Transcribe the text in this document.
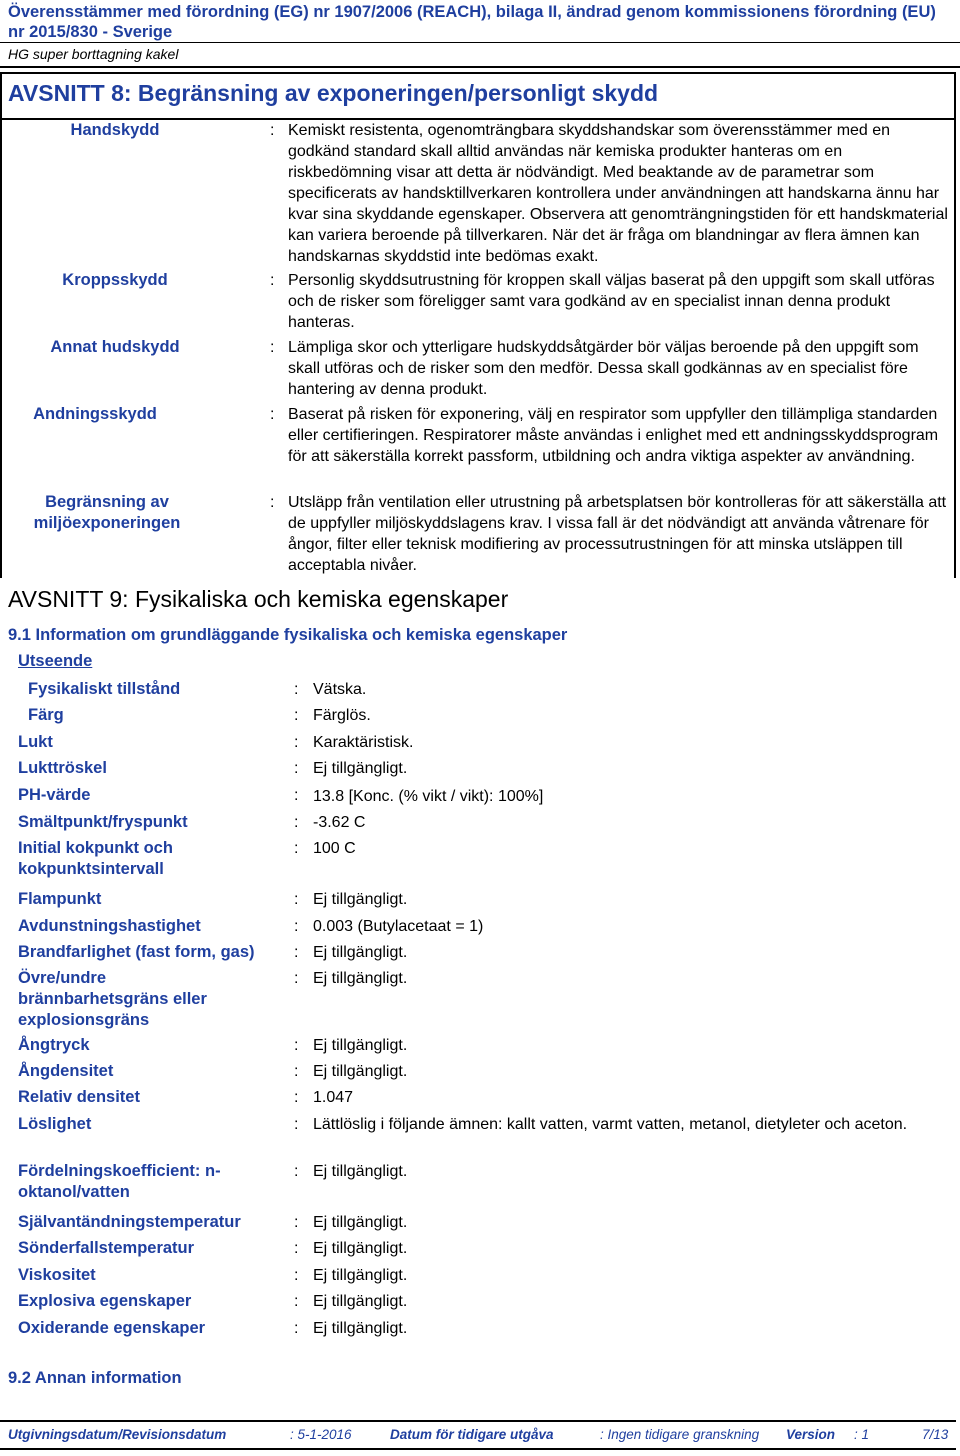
Överensstämmer med förordning (EG) nr 1907/2006 (REACH), bilaga II, ändrad genom kommissionens förordning (EU) nr 2015/830 - Sverige
HG super borttagning kakel
AVSNITT 8: Begränsning av exponeringen/personligt skydd
Handskydd	: Kemiskt resistenta, ogenomträngbara skyddshandskar som överensstämmer med en godkänd standard skall alltid användas när kemiska produkter hanteras om en riskbedömning visar att detta är nödvändigt. Med beaktande av de parametrar som specificerats av handsktillverkaren kontrollera under användningen att handskarna ännu har kvar sina skyddande egenskaper. Observera att genomträngningstiden för ett handskmaterial kan variera beroende på tillverkaren. När det är fråga om blandningar av flera ämnen kan handskarnas skyddstid inte bedömas exakt.
Kroppsskydd	: Personlig skyddsutrustning för kroppen skall väljas baserat på den uppgift som skall utföras och de risker som föreligger samt vara godkänd av en specialist innan denna produkt hanteras.
Annat hudskydd	: Lämpliga skor och ytterligare hudskyddsåtgärder bör väljas beroende på den uppgift som skall utföras och de risker som den medför. Dessa skall godkännas av en specialist före hantering av denna produkt.
Andningsskydd	: Baserat på risken för exponering, välj en respirator som uppfyller den tillämpliga standarden eller certifieringen. Respiratorer måste användas i enlighet med ett andningsskyddsprogram för att säkerställa korrekt passform, utbildning och andra viktiga aspekter av användning.
Begränsning av miljöexponeringen
: Utsläpp från ventilation eller utrustning på arbetsplatsen bör kontrolleras för att säkerställa att de uppfyller miljöskyddslagens krav. I vissa fall är det nödvändigt att använda våtrenare för ångor, filter eller teknisk modifiering av processutrustningen för att minska utsläppen till acceptabla nivåer.
AVSNITT 9: Fysikaliska och kemiska egenskaper
9.1 Information om grundläggande fysikaliska och kemiska egenskaper
Utseende
Fysikaliskt tillstånd	: Vätska.
Färg	: Färglös.
Lukt	: Karaktäristisk.
Lukttröskel	: Ej tillgängligt.
PH-värde	: 13.8 [Konc. (% vikt / vikt): 100%]
Smältpunkt/fryspunkt	: -3.62 C
Initial kokpunkt och kokpunktsintervall
: 100 C
Flampunkt	: Ej tillgängligt.
Avdunstningshastighet	: 0.003 (Butylacetaat = 1)
Brandfarlighet (fast form, gas) : Ej tillgängligt.
Övre/undre brännbarhetsgräns eller explosionsgräns
: Ej tillgängligt.
Ångtryck	: Ej tillgängligt.
Ångdensitet	: Ej tillgängligt.
Relativ densitet	: 1.047
Löslighet	: Lättlöslig i följande ämnen: kallt vatten, varmt vatten, metanol, dietyleter och aceton.
Fördelningskoefficient: n-oktanol/vatten
: Ej tillgängligt.
Självantändningstemperatur	: Ej tillgängligt.
Sönderfallstemperatur	: Ej tillgängligt.
Viskositet	: Ej tillgängligt.
Explosiva egenskaper	: Ej tillgängligt.
Oxiderande egenskaper	: Ej tillgängligt.
9.2 Annan information
Utgivningsdatum/Revisionsdatum	: 5-1-2016	Datum för tidigare utgåva	: Ingen tidigare granskning Version : 1	7/13
